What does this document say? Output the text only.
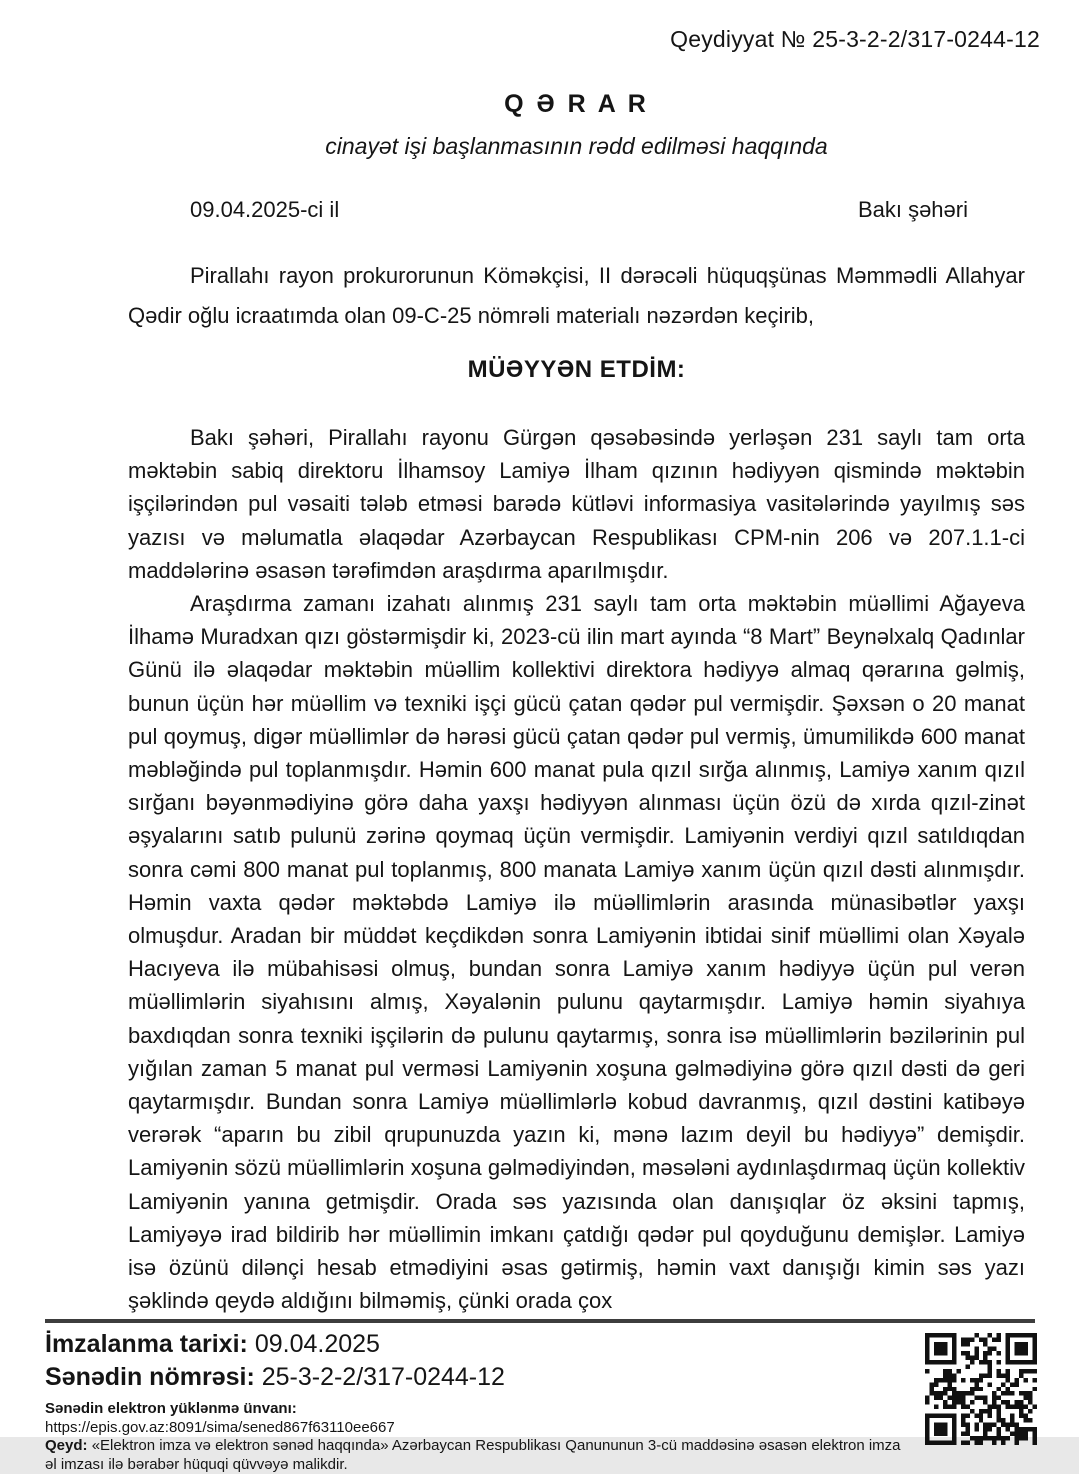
Qeydiyyat № 25-3-2-2/317-0244-12
Q Ə R A R
cinayət işi başlanmasının rədd edilməsi haqqında
09.04.2025-ci il	Bakı şəhəri
Pirallahı rayon prokurorunun Köməkçisi, II dərəcəli hüquqşünas Məmmədli Allahyar Qədir oğlu icraatımda olan 09-C-25 nömrəli materialı nəzərdən keçirib,
MÜƏYYƏN ETDİM:

Bakı şəhəri, Pirallahı rayonu Gürgən qəsəbəsində yerləşən 231 saylı tam orta məktəbin sabiq direktoru İlhamsoy Lamiyə İlham qızının hədiyyən qismində məktəbin işçilərindən pul vəsaiti tələb etməsi barədə kütləvi informasiya vasitələrində yayılmış səs yazısı və məlumatla əlaqədar Azərbaycan Respublikası CPM-nin 206 və 207.1.1-ci maddələrinə əsasən tərəfimdən araşdırma aparılmışdır.

Araşdırma zamanı izahatı alınmış 231 saylı tam orta məktəbin müəllimi Ağayeva İlhamə Muradxan qızı göstərmişdir ki, 2023-cü ilin mart ayında “8 Mart” Beynəlxalq Qadınlar Günü ilə əlaqədar məktəbin müəllim kollektivi direktora hədiyyə almaq qərarına gəlmiş, bunun üçün hər müəllim və texniki işçi gücü çatan qədər pul vermişdir. Şəxsən o 20 manat pul qoymuş, digər müəllimlər də hərəsi gücü çatan qədər pul vermiş, ümumilikdə 600 manat məbləğində pul toplanmışdır. Həmin 600 manat pula qızıl sırğa alınmış, Lamiyə xanım qızıl sırğanı bəyənmədiyinə görə daha yaxşı hədiyyən alınması üçün özü də xırda qızıl-zinət əşyalarını satıb pulunü zərinə qoymaq üçün vermişdir. Lamiyənin verdiyi qızıl satıldıqdan sonra cəmi 800 manat pul toplanmış, 800 manata Lamiyə xanım üçün qızıl dəsti alınmışdır. Həmin vaxta qədər məktəbdə Lamiyə ilə müəllimlərin arasında münasibətlər yaxşı olmuşdur. Aradan bir müddət keçdikdən sonra Lamiyənin ibtidai sinif müəllimi olan Xəyalə Hacıyeva ilə mübahisəsi olmuş, bundan sonra Lamiyə xanım hədiyyə üçün pul verən müəllimlərin siyahısını almış, Xəyalənin pulunu qaytarmışdır. Lamiyə həmin siyahıya baxdıqdan sonra texniki işçilərin də pulunu qaytarmış, sonra isə müəllimlərin bəzilərinin pul yığılan zaman 5 manat pul verməsi Lamiyənin xoşuna gəlmədiyinə görə qızıl dəsti də geri qaytarmışdır. Bundan sonra Lamiyə müəllimlərlə kobud davranmış, qızıl dəstini katibəyə verərək “aparın bu zibil qrupunuzda yazın ki, mənə lazım deyil bu hədiyyə” demişdir. Lamiyənin sözü müəllimlərin xoşuna gəlmədiyindən, məsələni aydınlaşdırmaq üçün kollektiv Lamiyənin yanına getmişdir. Orada səs yazısında olan danışıqlar öz əksini tapmış, Lamiyəyə irad bildirib hər müəllimin imkanı çatdığı qədər pul qoyduğunu demişlər. Lamiyə isə özünü dilənçi hesab etmədiyini əsas gətirmiş, həmin vaxt danışığı kimin səs yazı şəklində qeydə aldığını bilməmiş, çünki orada çox

İmzalanma tarixi: 09.04.2025
Sənədin nömrəsi: 25-3-2-2/317-0244-12
Sənədin elektron yüklənmə ünvanı:
https://epis.gov.az:8091/sima/sened867f63110ee667
Qeyd: «Elektron imza və elektron sənəd haqqında» Azərbaycan Respublikası Qanununun 3-cü maddəsinə əsasən elektron imza əl imzası ilə bərabər hüquqi qüvvəyə malikdir.
